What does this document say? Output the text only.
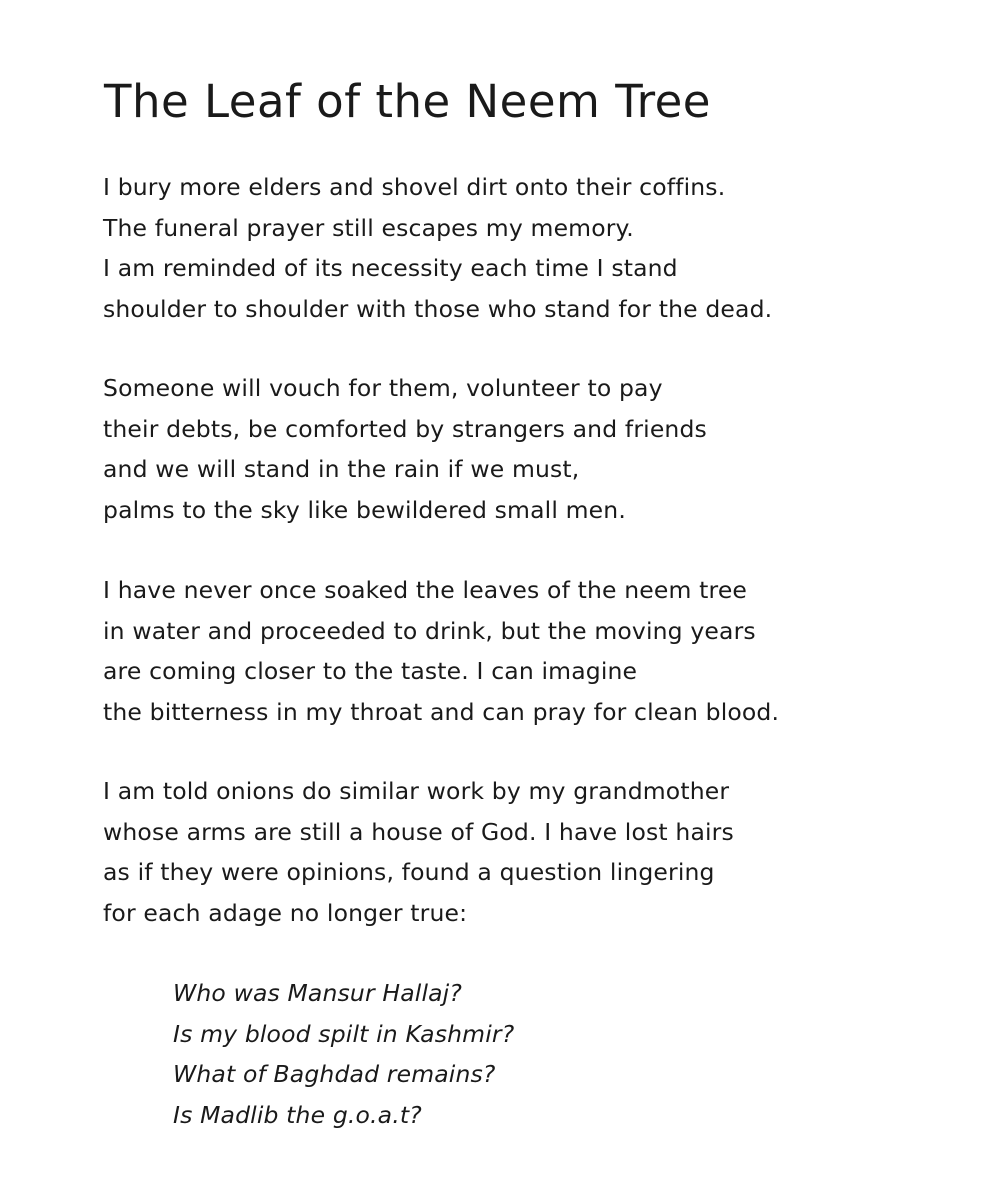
The Leaf of the Neem Tree
I bury more elders and shovel dirt onto their coffins.
The funeral prayer still escapes my memory.
I am reminded of its necessity each time I stand
shoulder to shoulder with those who stand for the dead.
Someone will vouch for them, volunteer to pay
their debts, be comforted by strangers and friends
and we will stand in the rain if we must,
palms to the sky like bewildered small men.
I have never once soaked the leaves of the neem tree
in water and proceeded to drink, but the moving years
are coming closer to the taste. I can imagine
the bitterness in my throat and can pray for clean blood.
I am told onions do similar work by my grandmother
whose arms are still a house of God. I have lost hairs
as if they were opinions, found a question lingering
for each adage no longer true:
Who was Mansur Hallaj?
Is my blood spilt in Kashmir?
What of Baghdad remains?
Is Madlib the g.o.a.t?
